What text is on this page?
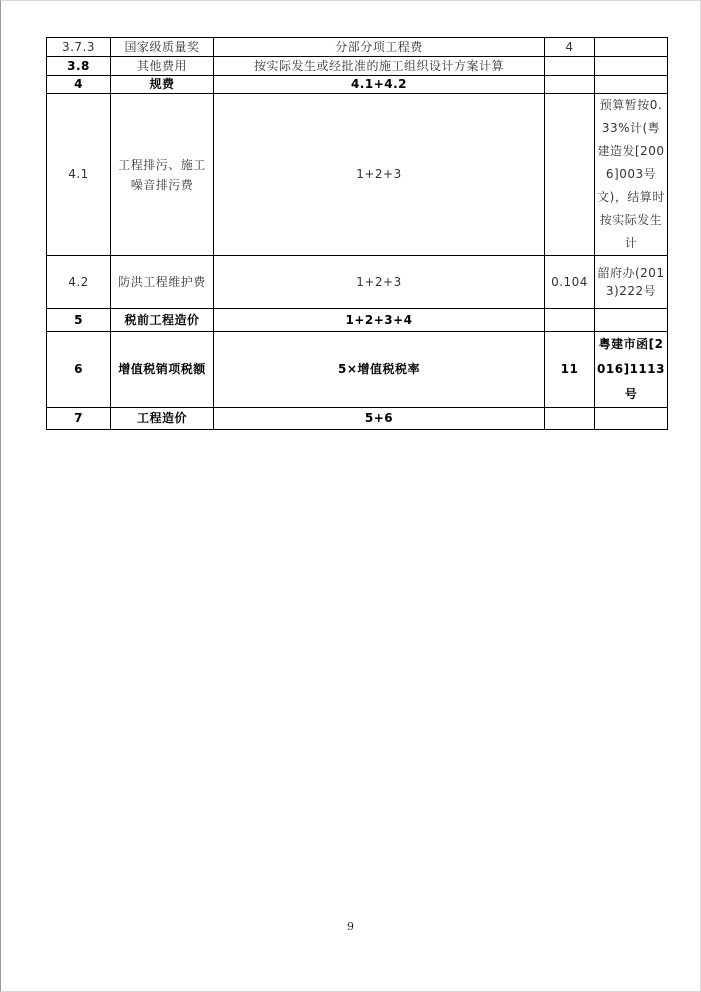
3.7.3	国家级质量奖	分部分项工程费	4	
3.8	其他费用	按实际发生或经批准的施工组织设计方案计算		
4	规费	4.1+4.2		
4.1	工程排污、施工噪音排污费	1+2+3		预算暂按0.33%计(粤建造发[2006]003号文)，结算时按实际发生计
4.2	防洪工程维护费	1+2+3	0.104	韶府办(2013)222号
5	税前工程造价	1+2+3+4		
6	增值税销项税额	5×增值税税率	11	粤建市函[2016]1113号
7	工程造价	5+6		
9
